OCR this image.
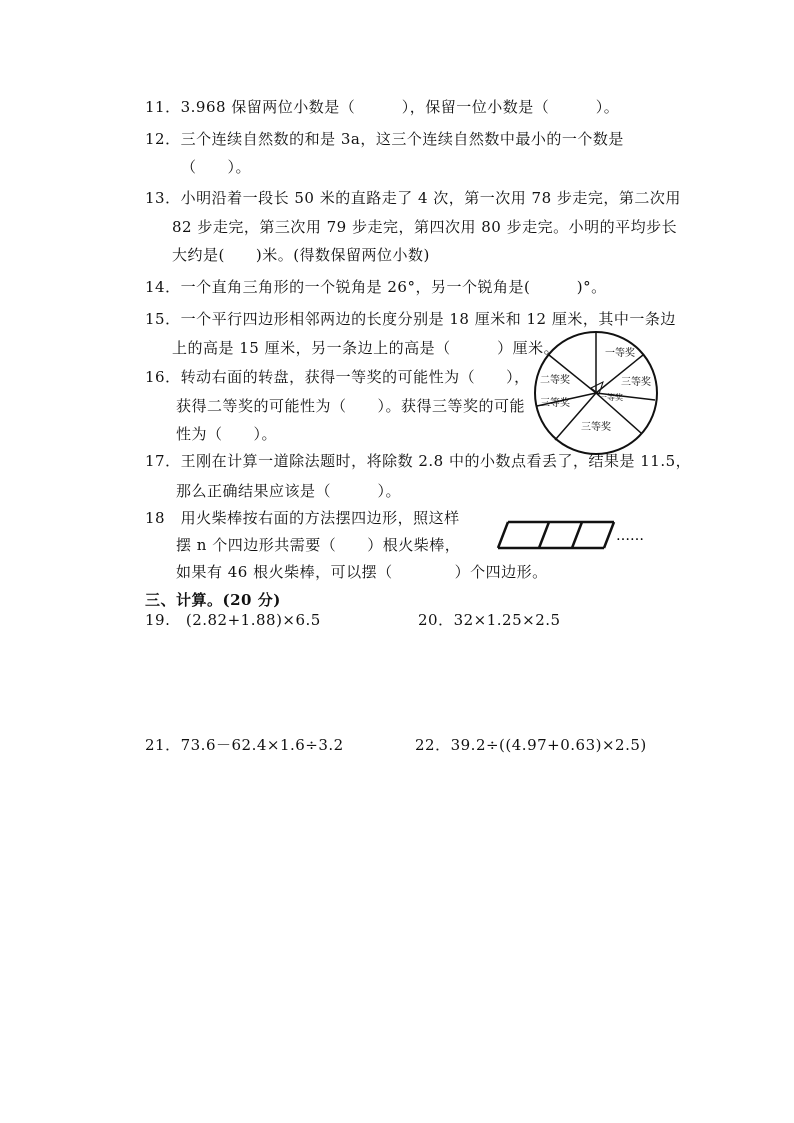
11．3.968 保留两位小数是（　　　），保留一位小数是（　　　）。
12．三个连续自然数的和是 3a，这三个连续自然数中最小的一个数是
（　　）。
13．小明沿着一段长 50 米的直路走了 4 次，第一次用 78 步走完，第二次用
82 步走完，第三次用 79 步走完，第四次用 80 步走完。小明的平均步长
大约是(　　)米。(得数保留两位小数)
14．一个直角三角形的一个锐角是 26°，另一个锐角是(　　　)°。
15．一个平行四边形相邻两边的长度分别是 18 厘米和 12 厘米，其中一条边
上的高是 15 厘米，另一条边上的高是（　　　）厘米。
16．转动右面的转盘，获得一等奖的可能性为（　　），
获得二等奖的可能性为（　　）。获得三等奖的可能
性为（　　）。
一等奖
二等奖	三等奖
一等奖
三等奖
三等奖
17．王刚在计算一道除法题时，将除数 2.8 中的小数点看丢了，结果是 11.5，
那么正确结果应该是（　　　）。
18　用火柴棒按右面的方法摆四边形，照这样
摆 n 个四边形共需要（　　）根火柴棒，
如果有 46 根火柴棒，可以摆（　　　　）个四边形。
……
三、计算。(20 分)
19.　(2.82+1.88)×6.5	20．32×1.25×2.5
21．73.6－62.4×1.6÷3.2	22．39.2÷((4.97+0.63)×2.5)
